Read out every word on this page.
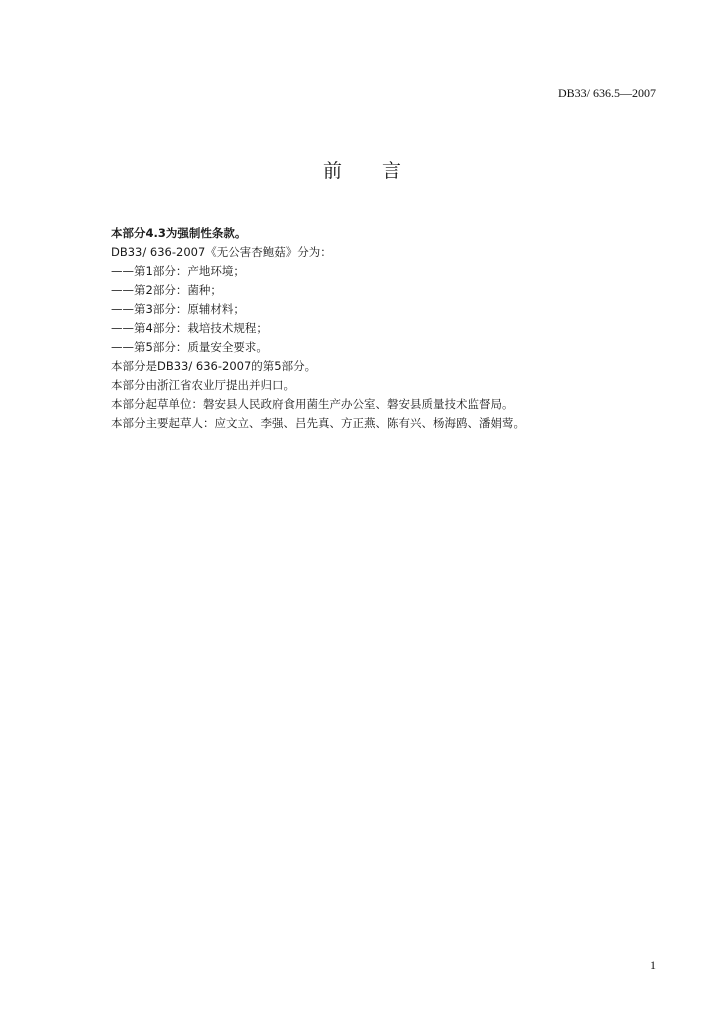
DB33/ 636.5—2007
前 言
本部分4.3为强制性条款。
DB33/ 636-2007《无公害杏鲍菇》分为：
——第1部分：产地环境；
——第2部分：菌种；
——第3部分：原辅材料；
——第4部分：栽培技术规程；
——第5部分：质量安全要求。
本部分是DB33/ 636-2007的第5部分。
本部分由浙江省农业厅提出并归口。
本部分起草单位：磐安县人民政府食用菌生产办公室、磐安县质量技术监督局。
本部分主要起草人：应文立、李强、吕先真、方正燕、陈有兴、杨海鸥、潘娟莺。
1
